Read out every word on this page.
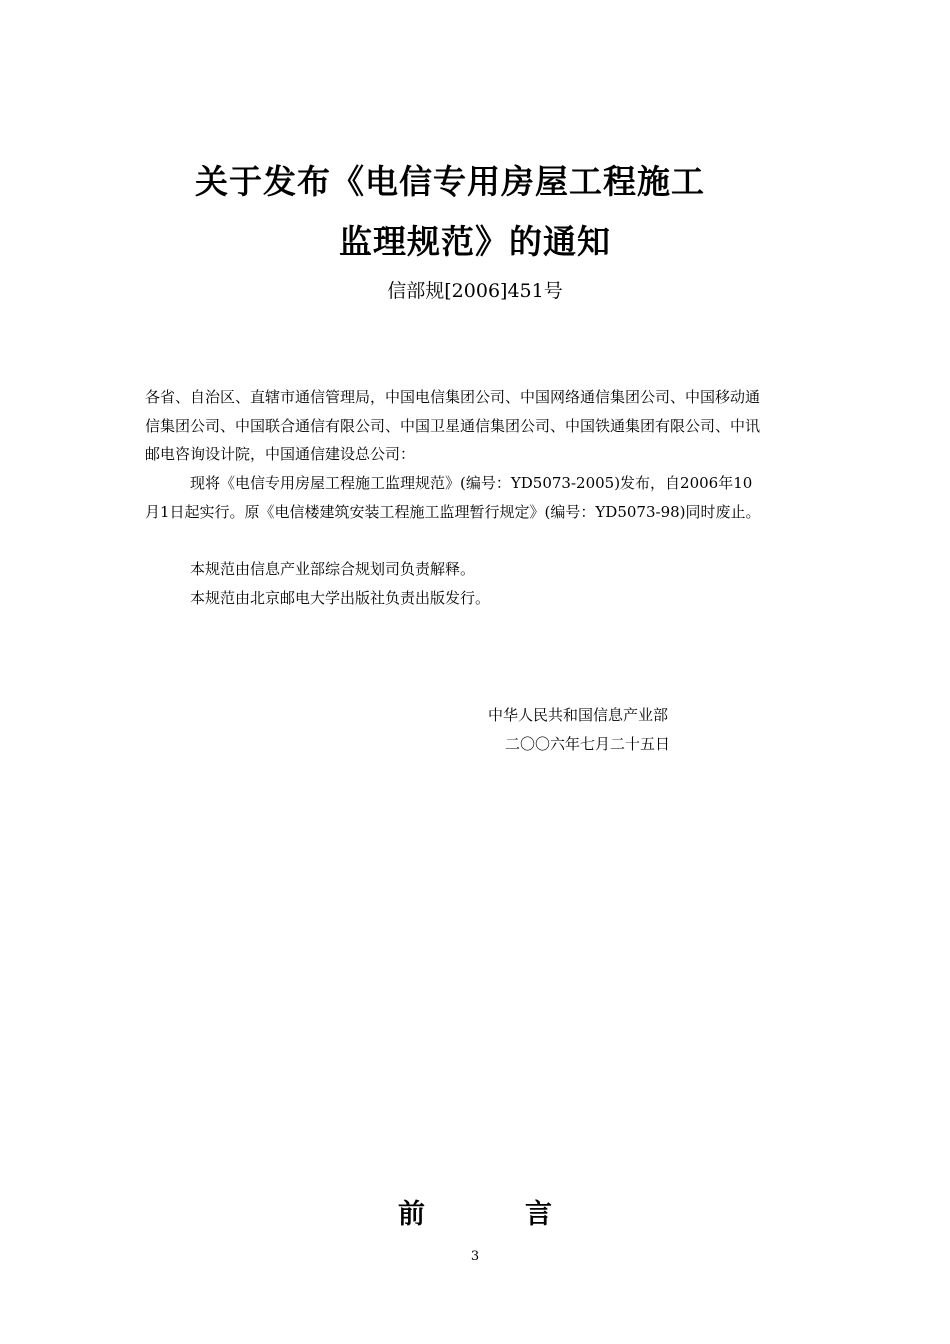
关于发布《电信专用房屋工程施工
监理规范》的通知
信部规[2006]451号
各省、自治区、直辖市通信管理局，中国电信集团公司、中国网络通信集团公司、中国移动通信集团公司、中国联合通信有限公司、中国卫星通信集团公司、中国铁通集团有限公司、中讯邮电咨询设计院，中国通信建设总公司：
现将《电信专用房屋工程施工监理规范》(编号：YD5073-2005)发布，自2006年10月1日起实行。原《电信楼建筑安装工程施工监理暂行规定》(编号：YD5073-98)同时废止。
本规范由信息产业部综合规划司负责解释。
本规范由北京邮电大学出版社负责出版发行。
中华人民共和国信息产业部
二〇〇六年七月二十五日
前言
3
